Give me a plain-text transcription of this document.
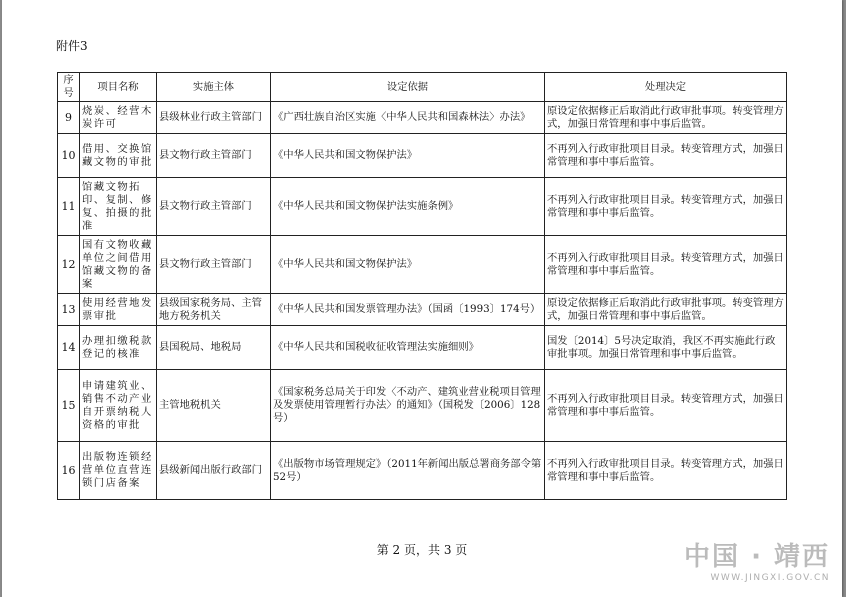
附件3
序号	项目名称	实施主体	设定依据	处理决定
9	烧炭、经营木炭许可	县级林业行政主管部门	《广西壮族自治区实施〈中华人民共和国森林法〉办法》	原设定依据修正后取消此行政审批事项。转变管理方式，加强日常管理和事中事后监管。
10	借用、交换馆藏文物的审批	县文物行政主管部门	《中华人民共和国文物保护法》	不再列入行政审批项目目录。转变管理方式，加强日常管理和事中事后监管。
11	馆藏文物拓印、复制、修复、拍摄的批准	县文物行政主管部门	《中华人民共和国文物保护法实施条例》	不再列入行政审批项目目录。转变管理方式，加强日常管理和事中事后监管。
12	国有文物收藏单位之间借用馆藏文物的备案	县文物行政主管部门	《中华人民共和国文物保护法》	不再列入行政审批项目目录。转变管理方式，加强日常管理和事中事后监管。
13	使用经营地发票审批	县级国家税务局、主管地方税务机关	《中华人民共和国发票管理办法》（国函〔1993〕174号）	原设定依据修正后取消此行政审批事项。转变管理方式，加强日常管理和事中事后监管。
14	办理扣缴税款登记的核准	县国税局、地税局	《中华人民共和国税收征收管理法实施细则》	国发〔2014〕5号决定取消，我区不再实施此行政审批事项。加强日常管理和事中事后监管。
15	申请建筑业、销售不动产业自开票纳税人资格的审批	主管地税机关	《国家税务总局关于印发〈不动产、建筑业营业税项目管理及发票使用管理暂行办法〉的通知》（国税发〔2006〕128号）	不再列入行政审批项目目录。转变管理方式，加强日常管理和事中事后监管。
16	出版物连锁经营单位直营连锁门店备案	县级新闻出版行政部门	《出版物市场管理规定》（2011年新闻出版总署商务部令第52号）	不再列入行政审批项目目录。转变管理方式，加强日常管理和事中事后监管。
第 2 页，共 3 页	中国 · 靖西
WWW.JINGXI.GOV.CN
